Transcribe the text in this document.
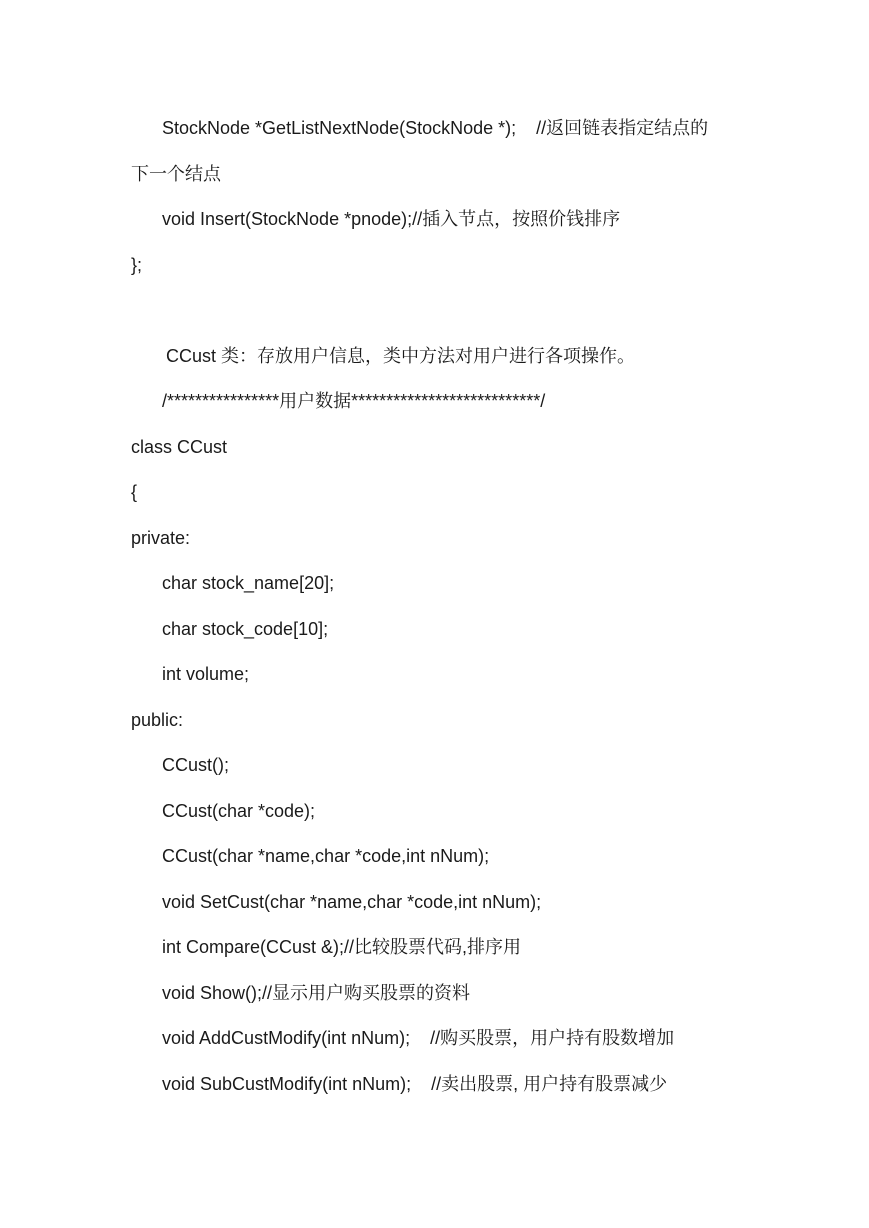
StockNode *GetListNextNode(StockNode *);    //返回链表指定结点的
下一个结点
void Insert(StockNode *pnode);//插入节点，按照价钱排序
};
CCust 类：存放用户信息，类中方法对用户进行各项操作。
/****************用户数据***************************/
class CCust
{
private:
char stock_name[20];
char stock_code[10];
int volume;
public:
CCust();
CCust(char *code);
CCust(char *name,char *code,int nNum);
void SetCust(char *name,char *code,int nNum);
int Compare(CCust &);//比较股票代码,排序用
void Show();//显示用户购买股票的资料
void AddCustModify(int nNum);    //购买股票，用户持有股数增加
void SubCustModify(int nNum);    //卖出股票, 用户持有股票减少
